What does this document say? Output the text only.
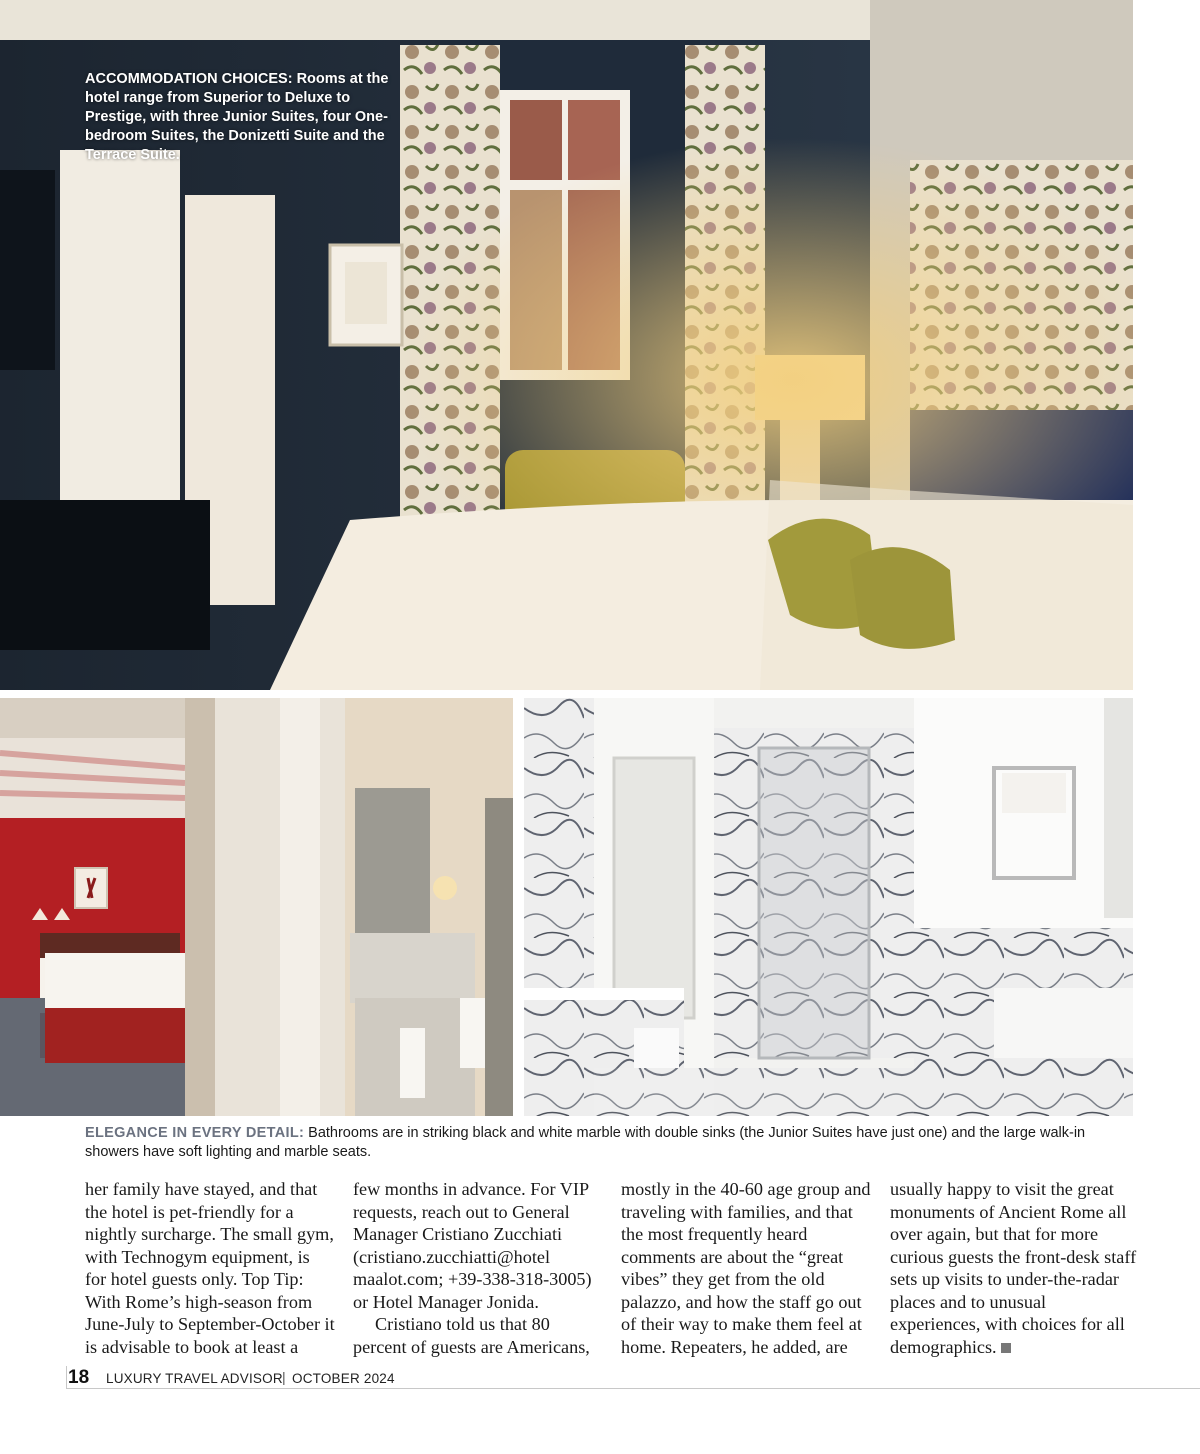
ACCOMMODATION CHOICES: Rooms at the hotel range from Superior to Deluxe to Prestige, with three Junior Suites, four One-bedroom Suites, the Donizetti Suite and the Terrace Suite.
ELEGANCE IN EVERY DETAIL: Bathrooms are in striking black and white marble with double sinks (the Junior Suites have just one) and the large walk-in showers have soft lighting and marble seats.

her family have stayed, and that the hotel is pet-friendly for a nightly surcharge. The small gym, with Technogym equipment, is for hotel guests only. Top Tip: With Rome’s high-season from June-July to September-October it is advisable to book at least a

few months in advance. For VIP requests, reach out to General Manager Cristiano Zucchiati (cristiano.zucchiatti@hotel maalot.com; +39-338-318-3005) or Hotel Manager Jonida.

Cristiano told us that 80 percent of guests are Americans,

mostly in the 40-60 age group and traveling with families, and that the most frequently heard comments are about the “great vibes” they get from the old palazzo, and how the staff go out of their way to make them feel at home. Repeaters, he added, are

usually happy to visit the great monuments of Ancient Rome all over again, but that for more curious guests the front-desk staff sets up visits to under-the-radar places and to unusual experiences, with choices for all demographics.

18 LUXURY TRAVEL ADVISOR | OCTOBER 2024
